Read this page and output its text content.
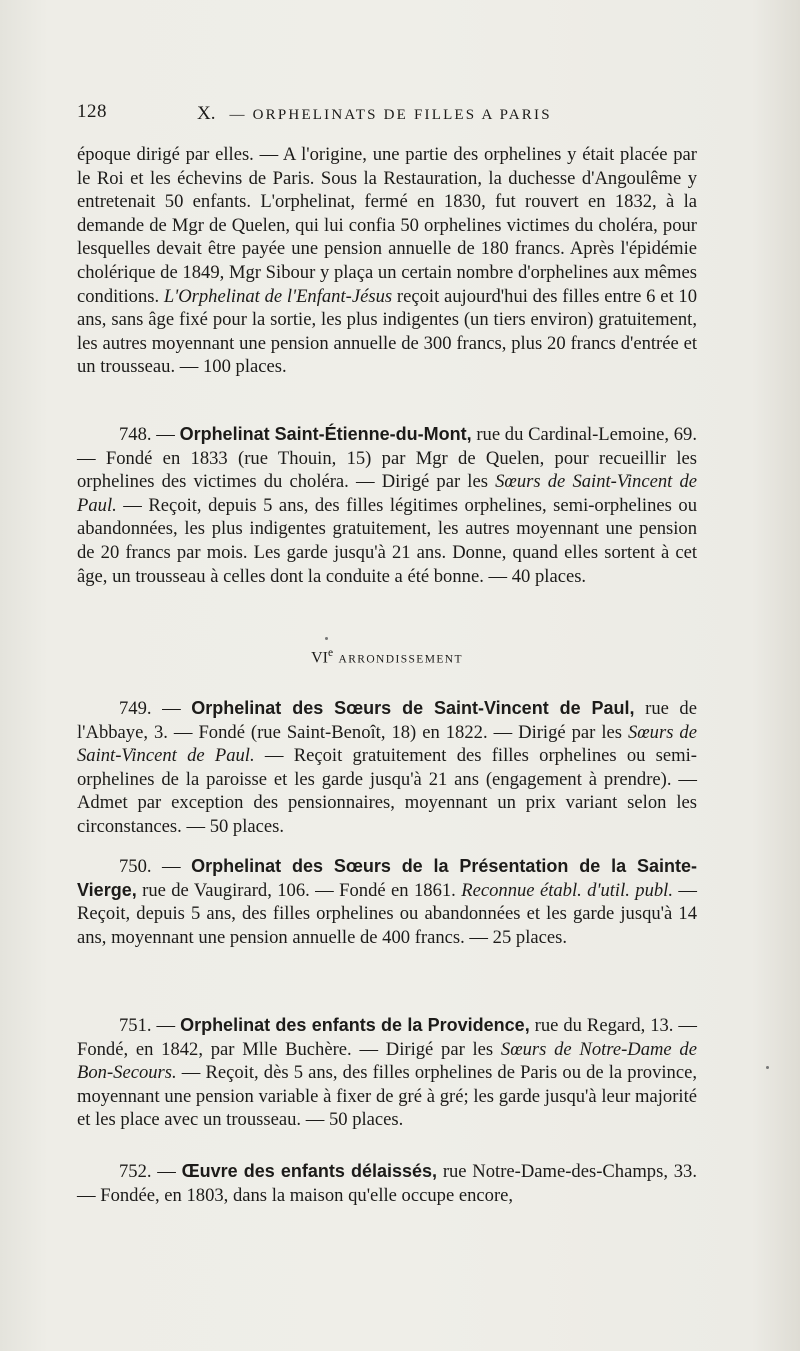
128	X. — ORPHELINATS DE FILLES A PARIS

époque dirigé par elles. — A l'origine, une partie des orphelines y était placée par le Roi et les échevins de Paris. Sous la Restauration, la duchesse d'Angoulême y entretenait 50 enfants. L'orphelinat, fermé en 1830, fut rouvert en 1832, à la demande de Mgr de Quelen, qui lui confia 50 orphelines victimes du choléra, pour lesquelles devait être payée une pension annuelle de 180 francs. Après l'épidémie cholérique de 1849, Mgr Sibour y plaça un certain nombre d'orphelines aux mêmes conditions. L'Orphelinat de l'Enfant-Jésus reçoit aujourd'hui des filles entre 6 et 10 ans, sans âge fixé pour la sortie, les plus indigentes (un tiers environ) gratuitement, les autres moyennant une pension annuelle de 300 francs, plus 20 francs d'entrée et un trousseau. — 100 places.

748. — Orphelinat Saint-Étienne-du-Mont, rue du Cardinal-Lemoine, 69. — Fondé en 1833 (rue Thouin, 15) par Mgr de Quelen, pour recueillir les orphelines des victimes du choléra. — Dirigé par les Sœurs de Saint-Vincent de Paul. — Reçoit, depuis 5 ans, des filles légitimes orphelines, semi-orphelines ou abandonnées, les plus indigentes gratuitement, les autres moyennant une pension de 20 francs par mois. Les garde jusqu'à 21 ans. Donne, quand elles sortent à cet âge, un trousseau à celles dont la conduite a été bonne. — 40 places.

VIe ARRONDISSEMENT

749. — Orphelinat des Sœurs de Saint-Vincent de Paul, rue de l'Abbaye, 3. — Fondé (rue Saint-Benoît, 18) en 1822. — Dirigé par les Sœurs de Saint-Vincent de Paul. — Reçoit gratuitement des filles orphelines ou semi-orphelines de la paroisse et les garde jusqu'à 21 ans (engagement à prendre). — Admet par exception des pensionnaires, moyennant un prix variant selon les circonstances. — 50 places.

750. — Orphelinat des Sœurs de la Présentation de la Sainte-Vierge, rue de Vaugirard, 106. — Fondé en 1861. Reconnue établ. d'util. publ. — Reçoit, depuis 5 ans, des filles orphelines ou abandonnées et les garde jusqu'à 14 ans, moyennant une pension annuelle de 400 francs. — 25 places.

751. — Orphelinat des enfants de la Providence, rue du Regard, 13. — Fondé, en 1842, par Mlle Buchère. — Dirigé par les Sœurs de Notre-Dame de Bon-Secours. — Reçoit, dès 5 ans, des filles orphelines de Paris ou de la province, moyennant une pension variable à fixer de gré à gré; les garde jusqu'à leur majorité et les place avec un trousseau. — 50 places.

752. — Œuvre des enfants délaissés, rue Notre-Dame-des-Champs, 33. — Fondée, en 1803, dans la maison qu'elle occupe encore,
